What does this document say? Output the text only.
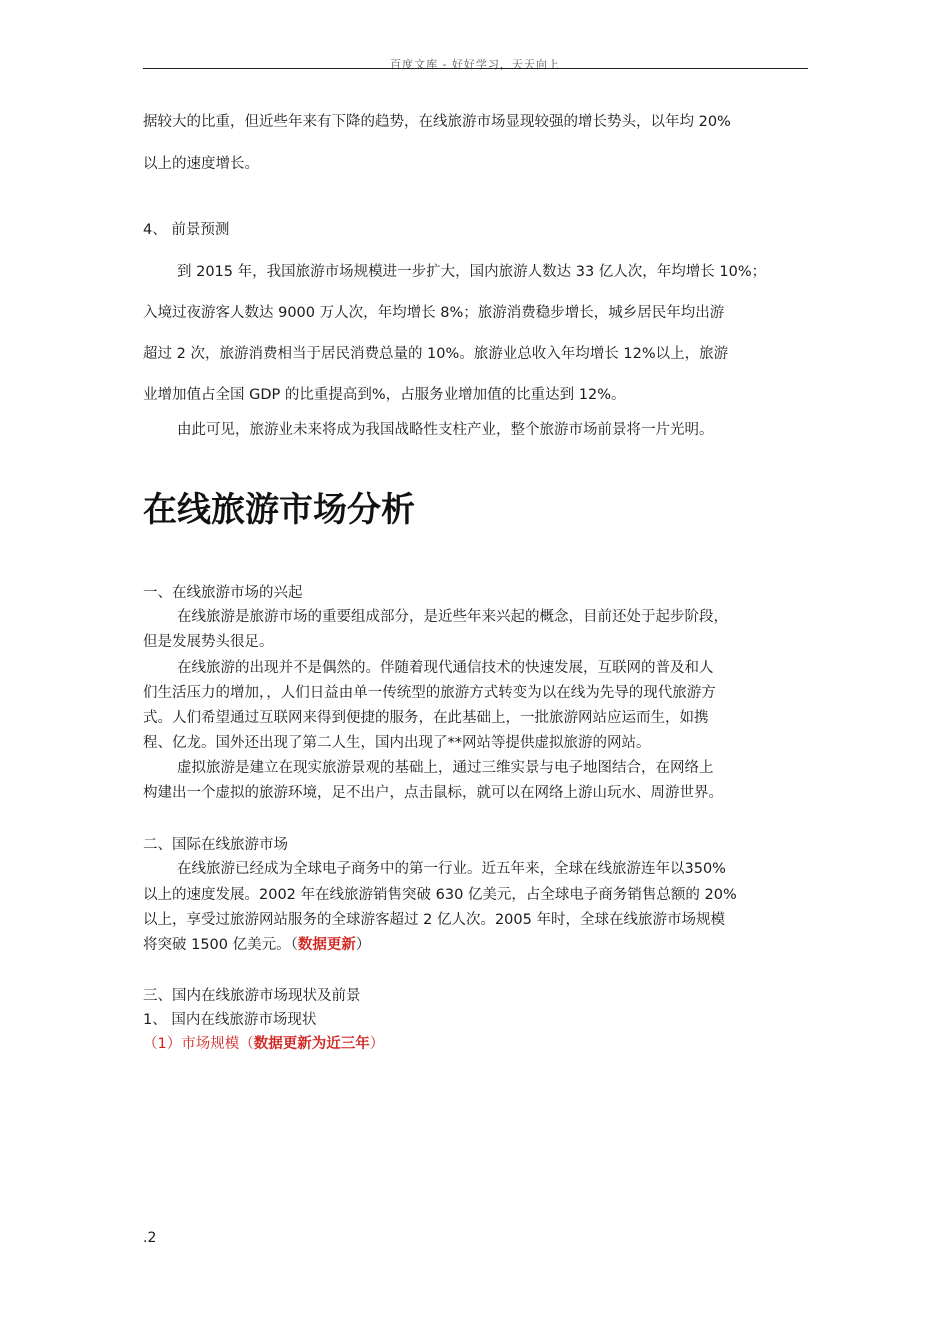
百度文库 - 好好学习，天天向上
据较大的比重，但近些年来有下降的趋势，在线旅游市场显现较强的增长势头，以年均 20%
以上的速度增长。
4、 前景预测
到 2015 年，我国旅游市场规模进一步扩大，国内旅游人数达 33 亿人次，年均增长 10%；
入境过夜游客人数达 9000 万人次，年均增长 8%；旅游消费稳步增长，城乡居民年均出游
超过 2 次，旅游消费相当于居民消费总量的 10%。旅游业总收入年均增长 12%以上，旅游
业增加值占全国 GDP 的比重提高到%，占服务业增加值的比重达到 12%。
由此可见，旅游业未来将成为我国战略性支柱产业，整个旅游市场前景将一片光明。
在线旅游市场分析
一、在线旅游市场的兴起
在线旅游是旅游市场的重要组成部分，是近些年来兴起的概念，目前还处于起步阶段，
但是发展势头很足。
在线旅游的出现并不是偶然的。伴随着现代通信技术的快速发展，互联网的普及和人
们生活压力的增加，，人们日益由单一传统型的旅游方式转变为以在线为先导的现代旅游方
式。人们希望通过互联网来得到便捷的服务，在此基础上，一批旅游网站应运而生，如携
程、亿龙。国外还出现了第二人生，国内出现了**网站等提供虚拟旅游的网站。
虚拟旅游是建立在现实旅游景观的基础上，通过三维实景与电子地图结合，在网络上
构建出一个虚拟的旅游环境，足不出户，点击鼠标，就可以在网络上游山玩水、周游世界。
二、国际在线旅游市场
在线旅游已经成为全球电子商务中的第一行业。近五年来，全球在线旅游连年以350%
以上的速度发展。2002 年在线旅游销售突破 630 亿美元，占全球电子商务销售总额的 20%
以上，享受过旅游网站服务的全球游客超过 2 亿人次。2005 年时，全球在线旅游市场规模
将突破 1500 亿美元。（数据更新）
三、国内在线旅游市场现状及前景
1、 国内在线旅游市场现状
（1）市场规模（数据更新为近三年）
.2
